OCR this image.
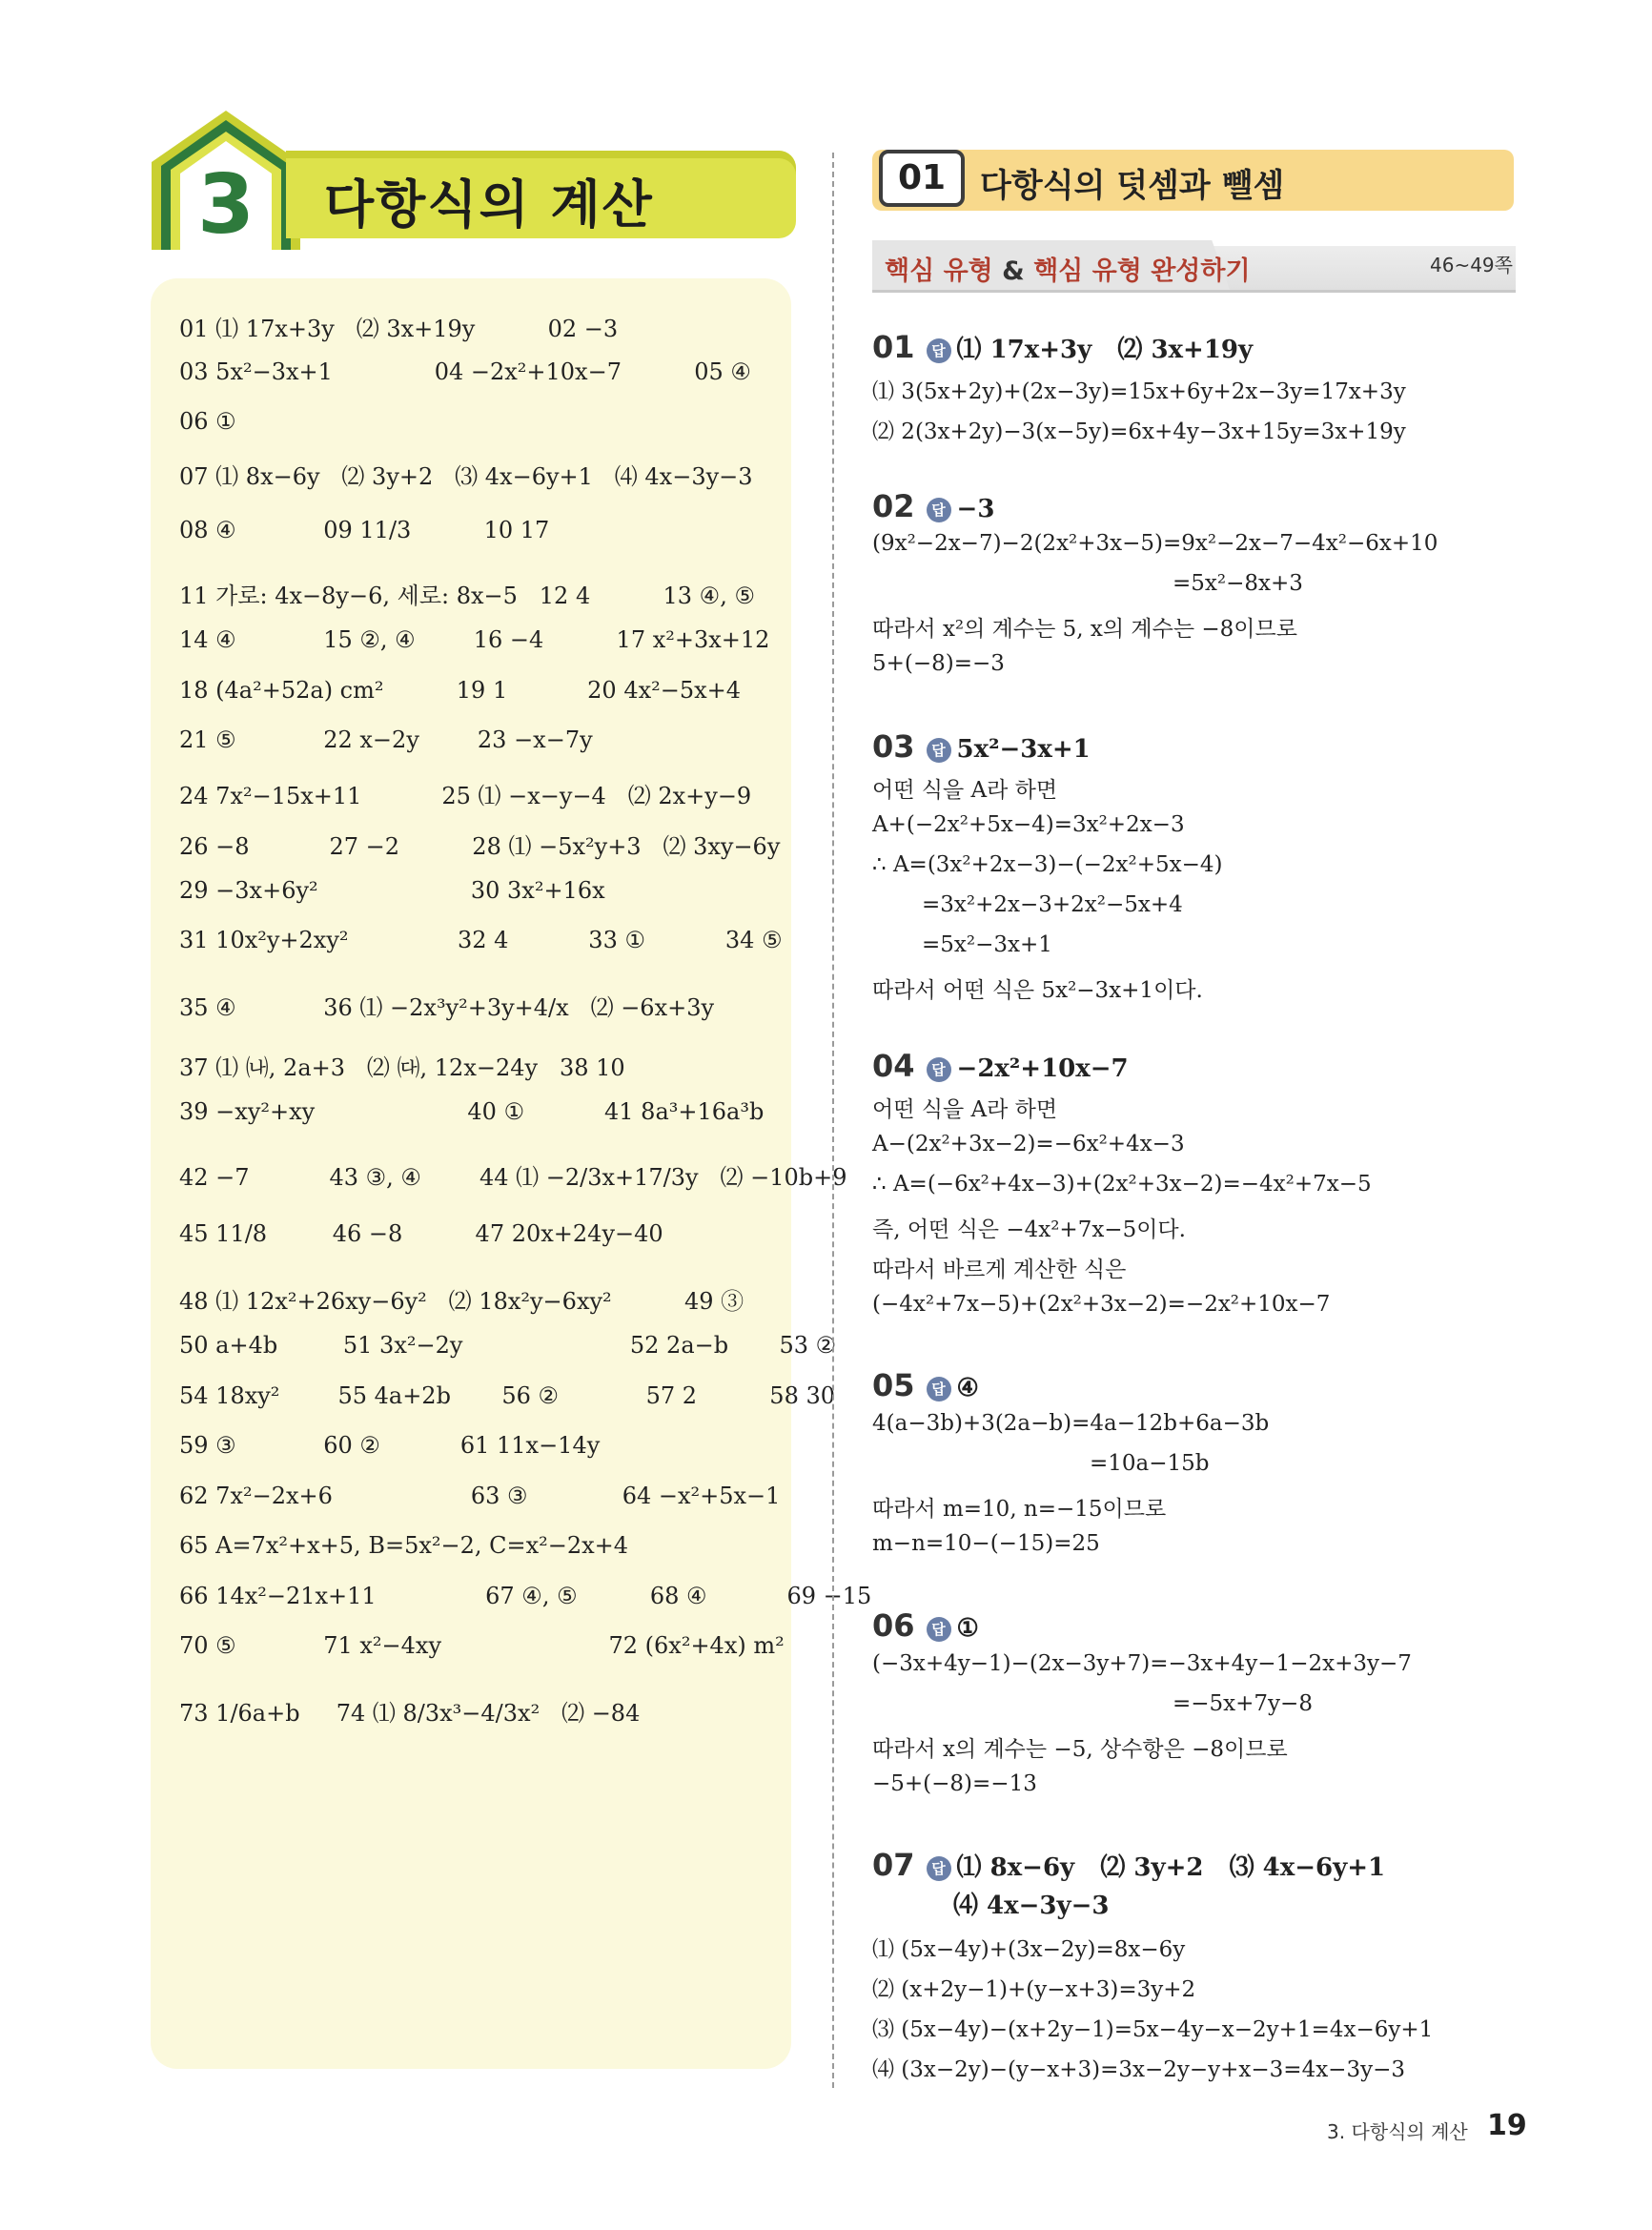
3 다항식의 계산
01 ⑴ 17x+3y   ⑵ 3x+19y          02 −3
03 5x²−3x+1              04 −2x²+10x−7          05 ④
06 ①
07 ⑴ 8x−6y   ⑵ 3y+2   ⑶ 4x−6y+1   ⑷ 4x−3y−3
08 ④            09 11/3          10 17
11 가로: 4x−8y−6, 세로: 8x−5   12 4          13 ④, ⑤
14 ④            15 ②, ④        16 −4          17 x²+3x+12
18 (4a²+52a) cm²          19 1           20 4x²−5x+4
21 ⑤            22 x−2y        23 −x−7y
24 7x²−15x+11           25 ⑴ −x−y−4   ⑵ 2x+y−9
26 −8           27 −2          28 ⑴ −5x²y+3   ⑵ 3xy−6y
29 −3x+6y²                     30 3x²+16x
31 10x²y+2xy²               32 4           33 ①           34 ⑤
35 ④            36 ⑴ −2x³y²+3y+4/x   ⑵ −6x+3y
37 ⑴ ㈏, 2a+3   ⑵ ㈐, 12x−24y   38 10
39 −xy²+xy                     40 ①           41 8a³+16a³b
42 −7           43 ③, ④        44 ⑴ −2/3x+17/3y   ⑵ −10b+9
45 11/8         46 −8          47 20x+24y−40
48 ⑴ 12x²+26xy−6y²   ⑵ 18x²y−6xy²          49 ③
50 a+4b         51 3x²−2y                       52 2a−b       53 ②
54 18xy²        55 4a+2b       56 ②            57 2          58 30
59 ③            60 ②           61 11x−14y
62 7x²−2x+6                   63 ③             64 −x²+5x−1
65 A=7x²+x+5, B=5x²−2, C=x²−2x+4
66 14x²−21x+11               67 ④, ⑤          68 ④           69 −15
70 ⑤            71 x²−4xy                       72 (6x²+4x) m²
73 1/6a+b     74 ⑴ 8/3x³−4/3x²   ⑵ −84
01	다항식의 덧셈과 뺄셈
핵심 유형 & 핵심 유형 완성하기	46~49쪽
01 답 ⑴ 17x+3y   ⑵ 3x+19y
⑴ 3(5x+2y)+(2x−3y)=15x+6y+2x−3y=17x+3y
⑵ 2(3x+2y)−3(x−5y)=6x+4y−3x+15y=3x+19y
02 답 −3
(9x²−2x−7)−2(2x²+3x−5)=9x²−2x−7−4x²−6x+10
=5x²−8x+3
따라서 x²의 계수는 5, x의 계수는 −8이므로
5+(−8)=−3
03 답 5x²−3x+1
어떤 식을 A라 하면
A+(−2x²+5x−4)=3x²+2x−3
∴ A=(3x²+2x−3)−(−2x²+5x−4)
=3x²+2x−3+2x²−5x+4
=5x²−3x+1
따라서 어떤 식은 5x²−3x+1이다.
04 답 −2x²+10x−7
어떤 식을 A라 하면
A−(2x²+3x−2)=−6x²+4x−3
∴ A=(−6x²+4x−3)+(2x²+3x−2)=−4x²+7x−5
즉, 어떤 식은 −4x²+7x−5이다.
따라서 바르게 계산한 식은
(−4x²+7x−5)+(2x²+3x−2)=−2x²+10x−7
05 답 ④
4(a−3b)+3(2a−b)=4a−12b+6a−3b
=10a−15b
따라서 m=10, n=−15이므로
m−n=10−(−15)=25
06 답 ①
(−3x+4y−1)−(2x−3y+7)=−3x+4y−1−2x+3y−7
=−5x+7y−8
따라서 x의 계수는 −5, 상수항은 −8이므로
−5+(−8)=−13
07 답 ⑴ 8x−6y   ⑵ 3y+2   ⑶ 4x−6y+1
⑷ 4x−3y−3
⑴ (5x−4y)+(3x−2y)=8x−6y
⑵ (x+2y−1)+(y−x+3)=3y+2
⑶ (5x−4y)−(x+2y−1)=5x−4y−x−2y+1=4x−6y+1
⑷ (3x−2y)−(y−x+3)=3x−2y−y+x−3=4x−3y−3
3. 다항식의 계산 19
